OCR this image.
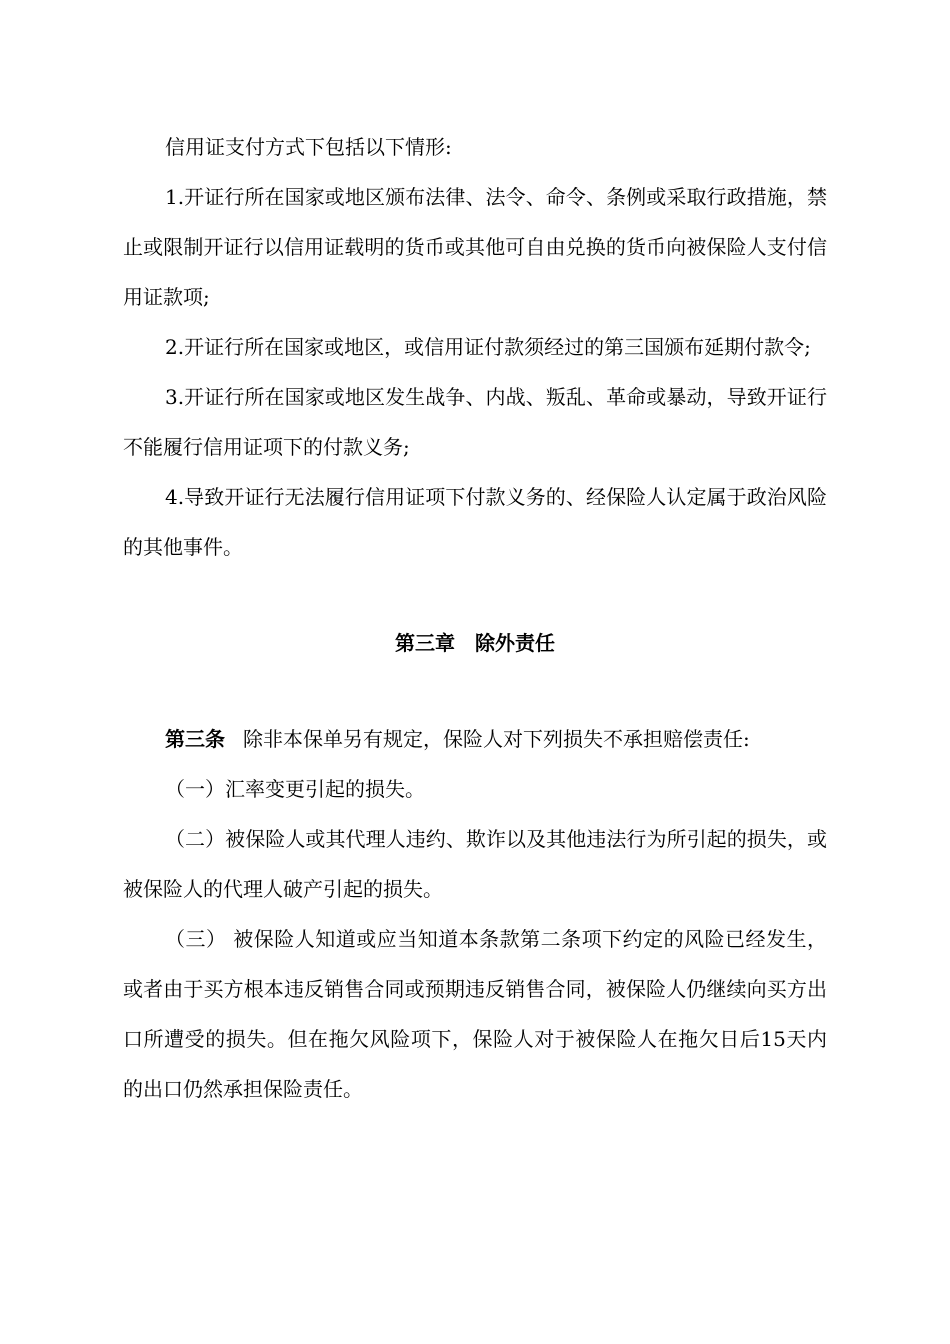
信用证支付方式下包括以下情形:

1.开证行所在国家或地区颁布法律、法令、命令、条例或采取行政措施，禁止或限制开证行以信用证载明的货币或其他可自由兑换的货币向被保险人支付信用证款项;

2.开证行所在国家或地区，或信用证付款须经过的第三国颁布延期付款令;

3.开证行所在国家或地区发生战争、内战、叛乱、革命或暴动，导致开证行不能履行信用证项下的付款义务;

4.导致开证行无法履行信用证项下付款义务的、经保险人认定属于政治风险的其他事件。

第三章　除外责任

第三条 除非本保单另有规定，保险人对下列损失不承担赔偿责任:

（一）汇率变更引起的损失。

（二）被保险人或其代理人违约、欺诈以及其他违法行为所引起的损失，或被保险人的代理人破产引起的损失。

（三） 被保险人知道或应当知道本条款第二条项下约定的风险已经发生，或者由于买方根本违反销售合同或预期违反销售合同，被保险人仍继续向买方出口所遭受的损失。但在拖欠风险项下，保险人对于被保险人在拖欠日后15天内的出口仍然承担保险责任。
